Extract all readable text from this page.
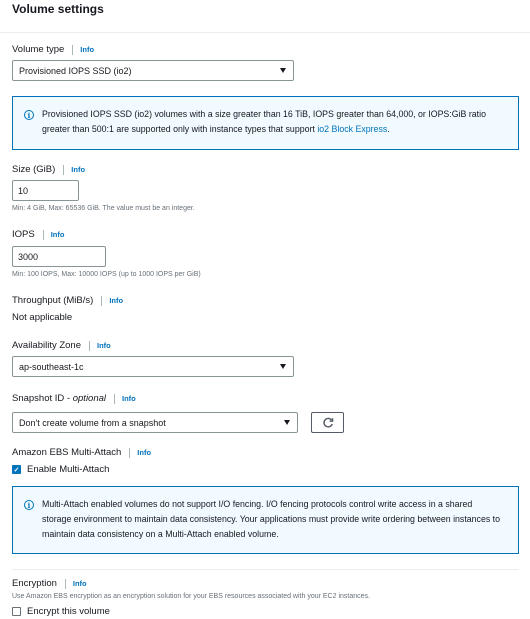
Volume settings
Volume type Info
Provisioned IOPS SSD (io2)
i	Provisioned IOPS SSD (io2) volumes with a size greater than 16 TiB, IOPS greater than 64,000, or IOPS:GiB ratio greater than 500:1 are supported only with instance types that support io2 Block Express.
Size (GiB) Info
10
Min: 4 GiB, Max: 65536 GiB. The value must be an integer.
IOPS Info
3000
Min: 100 IOPS, Max: 10000 IOPS (up to 1000 IOPS per GiB)
Throughput (MiB/s) Info
Not applicable
Availability Zone Info
ap-southeast-1c
Snapshot ID - optional Info
Don't create volume from a snapshot
Amazon EBS Multi-Attach Info
✓ Enable Multi-Attach
i	Multi-Attach enabled volumes do not support I/O fencing. I/O fencing protocols control write access in a shared storage environment to maintain data consistency. Your applications must provide write ordering between instances to maintain data consistency on a Multi-Attach enabled volume.
Encryption Info
Use Amazon EBS encryption as an encryption solution for your EBS resources associated with your EC2 instances.
Encrypt this volume
